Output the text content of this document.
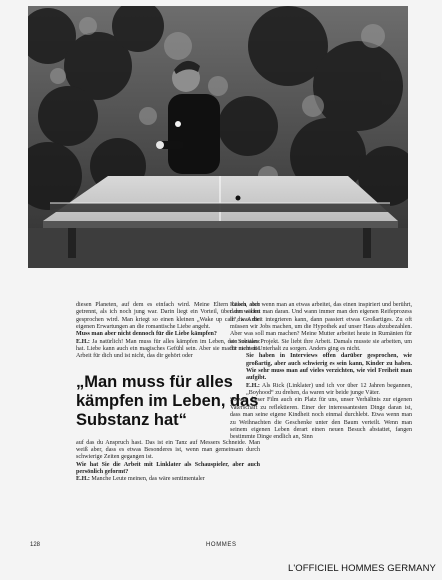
diesen Planeten, auf dem es einfach wird. Meine Eltern haben sich getrennt, als ich noch jung war. Darin liegt ein Vorteil, über den selten gesprochen wird. Man kriegt so einen kleinen „Wake up call“, was die eigenen Erwartungen an die romantische Liebe angeht.

Muss man aber nicht dennoch für die Liebe kämpfen?

E.H.: Ja natürlich! Man muss für alles kämpfen im Leben, das Substanz hat. Liebe kann auch ein magisches Gefühl sein. Aber sie macht nicht die Arbeit für dich und ist nicht, das dir gehört oder

„Man muss für alles kämpfen im Leben, das Substanz hat“

auf das du Anspruch hast. Das ist ein Tanz auf Messers Schneide. Man weiß aber, dass es etwas Besonderes ist, wenn man gemeinsam durch schwierige Zeiten gegangen ist.

Wie hat Sie die Arbeit mit Linklater als Schauspieler, aber auch persönlich geformt?

E.H.: Manche Leute meinen, das wäre sentimentaler

Kitsch, aber wenn man an etwas arbeitet, das einen inspiriert und berührt, dann wächst man daran. Und wann immer man den eigenen Reifeprozess in die Arbeit integrieren kann, dann passiert etwas Großartiges. Zu oft müssen wir Jobs machen, um die Hypothek auf unser Haus abzubezahlen. Aber was soll man machen? Meine Mutter arbeitet heute in Rumänien für ein soziales Projekt. Sie liebt ihre Arbeit. Damals musste sie arbeiten, um für meinen Unterhalt zu sorgen. Anders ging es nicht.

Sie haben in Interviews offen darüber gesprochen, wie großartig, aber auch schwierig es sein kann, Kinder zu haben. Wie sehr muss man auf vieles verzichten, wie viel Freiheit man aufgibt.

E.H.: Als Rick (Linklater) und ich vor über 12 Jahren begannen, „Boyhood“ zu drehen, da waren wir beide junge Väter.

So war dieser Film auch ein Platz für uns, unser Verhältnis zur eigenen Vaterschaft zu reflektieren. Einer der interessantesten Dinge daran ist, dass man seine eigene Kindheit noch einmal durchlebt. Etwa wenn man zu Weihnachten die Geschenke unter den Baum verteilt. Wenn man seinem eigenen Leben derart einen neuen Besuch abstattet, fangen bestimmte Dinge endlich an, Sinn

128	HOMMES
L'OFFICIEL HOMMES GERMANY
